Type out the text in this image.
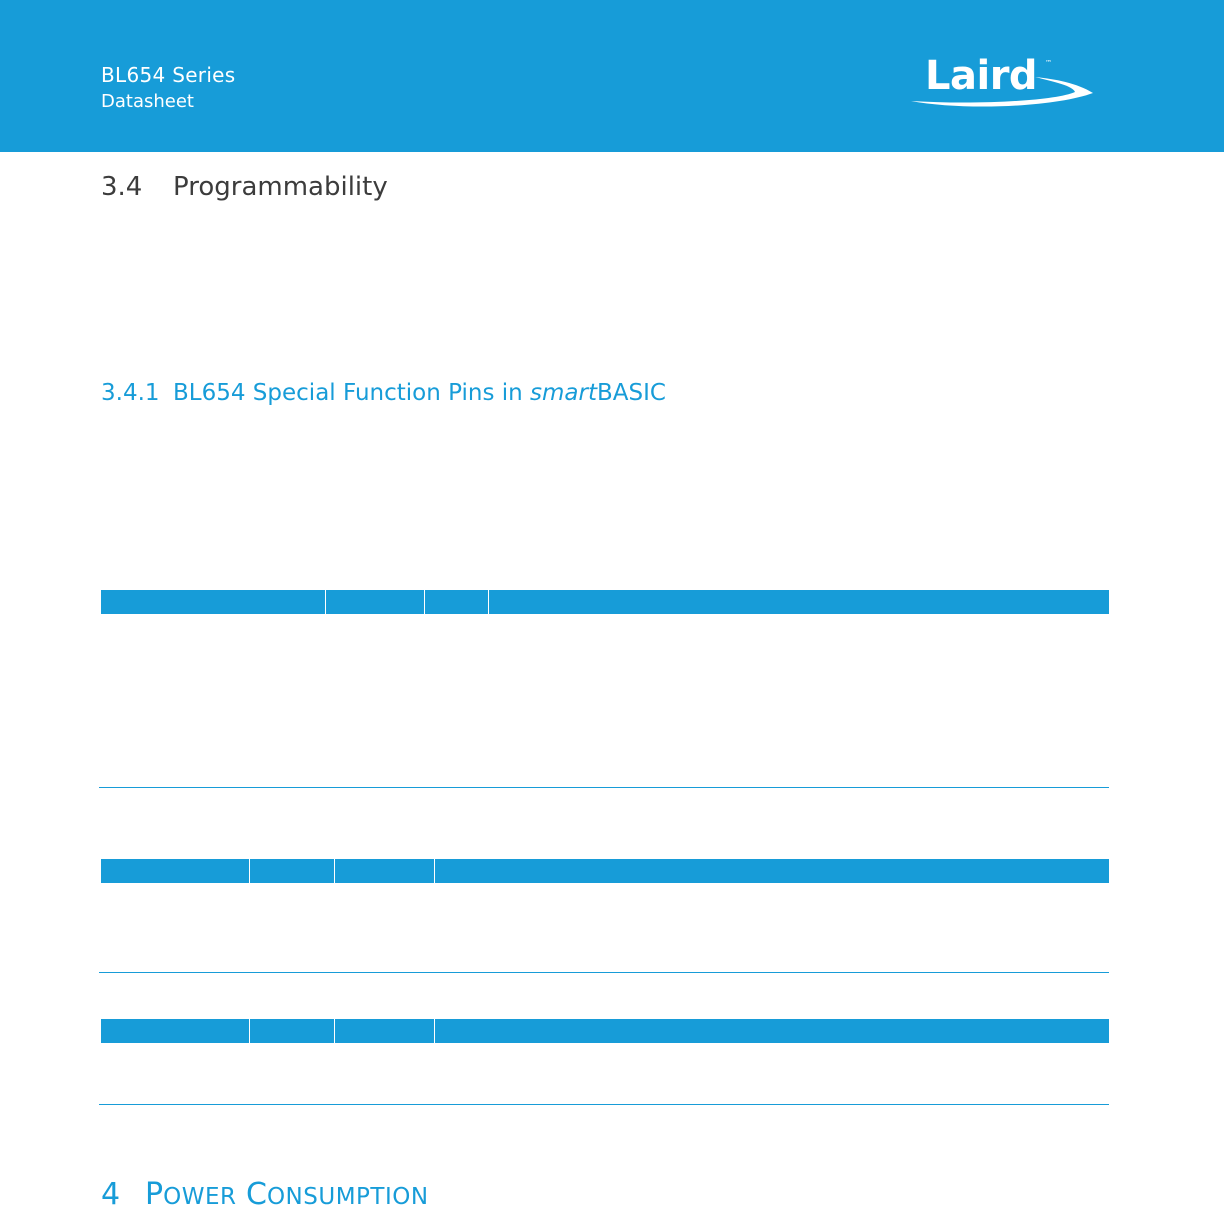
BL654 Series
Datasheet
Laird ™
3.4 Programmability
3.4.1 BL654 Special Function Pins in smartBASIC
4 POWER CONSUMPTION
